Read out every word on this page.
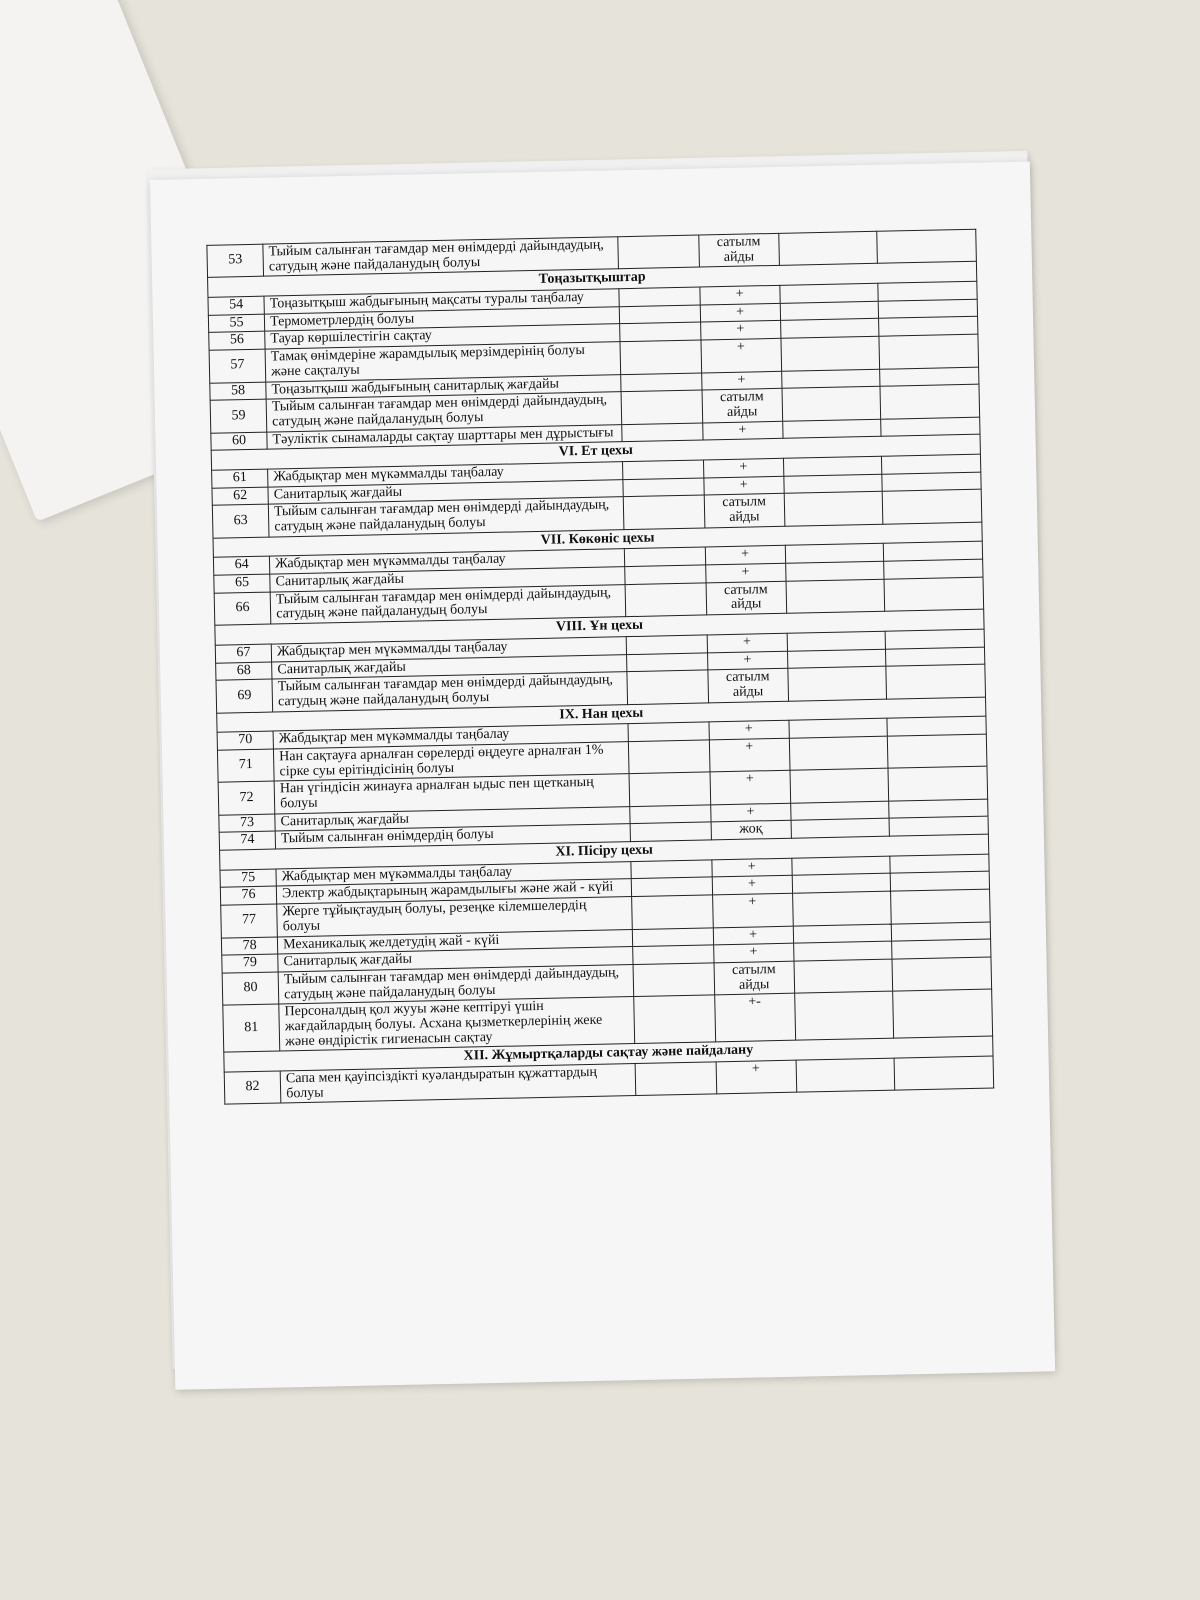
53	Тыйым салынған тағамдар мен өнімдерді дайындаудың, сатудың және пайдаланудың болуы		сатылм айды		
Тоңазытқыштар					
54	Тоңазытқыш жабдығының мақсаты туралы таңбалау		+		
55	Термометрлердің болуы		+		
56	Тауар көршілестігін сақтау		+		
57	Тамақ өнімдеріне жарамдылық мерзімдерінің болуы және сақталуы		+		
58	Тоңазытқыш жабдығының санитарлық жағдайы		+		
59	Тыйым салынған тағамдар мен өнімдерді дайындаудың, сатудың және пайдаланудың болуы		сатылм айды		
60	Тәуліктік сынамаларды сақтау шарттары мен дұрыстығы		+		
VI. Ет цехы					
61	Жабдықтар мен мүкәммалды таңбалау		+		
62	Санитарлық жағдайы		+		
63	Тыйым салынған тағамдар мен өнімдерді дайындаудың, сатудың және пайдаланудың болуы		сатылм айды		
VII. Көкөніс цехы					
64	Жабдықтар мен мүкәммалды таңбалау		+		
65	Санитарлық жағдайы		+		
66	Тыйым салынған тағамдар мен өнімдерді дайындаудың, сатудың және пайдаланудың болуы		сатылм айды		
VIII. Ұн цехы					
67	Жабдықтар мен мүкәммалды таңбалау		+		
68	Санитарлық жағдайы		+		
69	Тыйым салынған тағамдар мен өнімдерді дайындаудың, сатудың және пайдаланудың болуы		сатылм айды		
IX. Нан цехы					
70	Жабдықтар мен мүкәммалды таңбалау		+		
71	Нан сақтауға арналған сөрелерді өңдеуге арналған 1% сірке суы ерітіндісінің болуы		+		
72	Нан үгіндісін жинауға арналған ыдыс пен щетканың болуы		+		
73	Санитарлық жағдайы		+		
74	Тыйым салынған өнімдердің болуы		жоқ		
XI. Пісіру цехы					
75	Жабдықтар мен мүкәммалды таңбалау		+		
76	Электр жабдықтарының жарамдылығы және жай - күйі		+		
77	Жерге тұйықтаудың болуы, резеңке кілемшелердің болуы		+		
78	Механикалық желдетудің жай - күйі		+		
79	Санитарлық жағдайы		+		
80	Тыйым салынған тағамдар мен өнімдерді дайындаудың, сатудың және пайдаланудың болуы		сатылм айды		
81	Персоналдың қол жууы және кептіруі үшін жағдайлардың болуы. Асхана қызметкерлерінің жеке және өндірістік гигиенасын сақтау		+-		
XII. Жұмыртқаларды сақтау және пайдалану					
82	Сапа мен қауіпсіздікті куәландыратын құжаттардың болуы		+		
